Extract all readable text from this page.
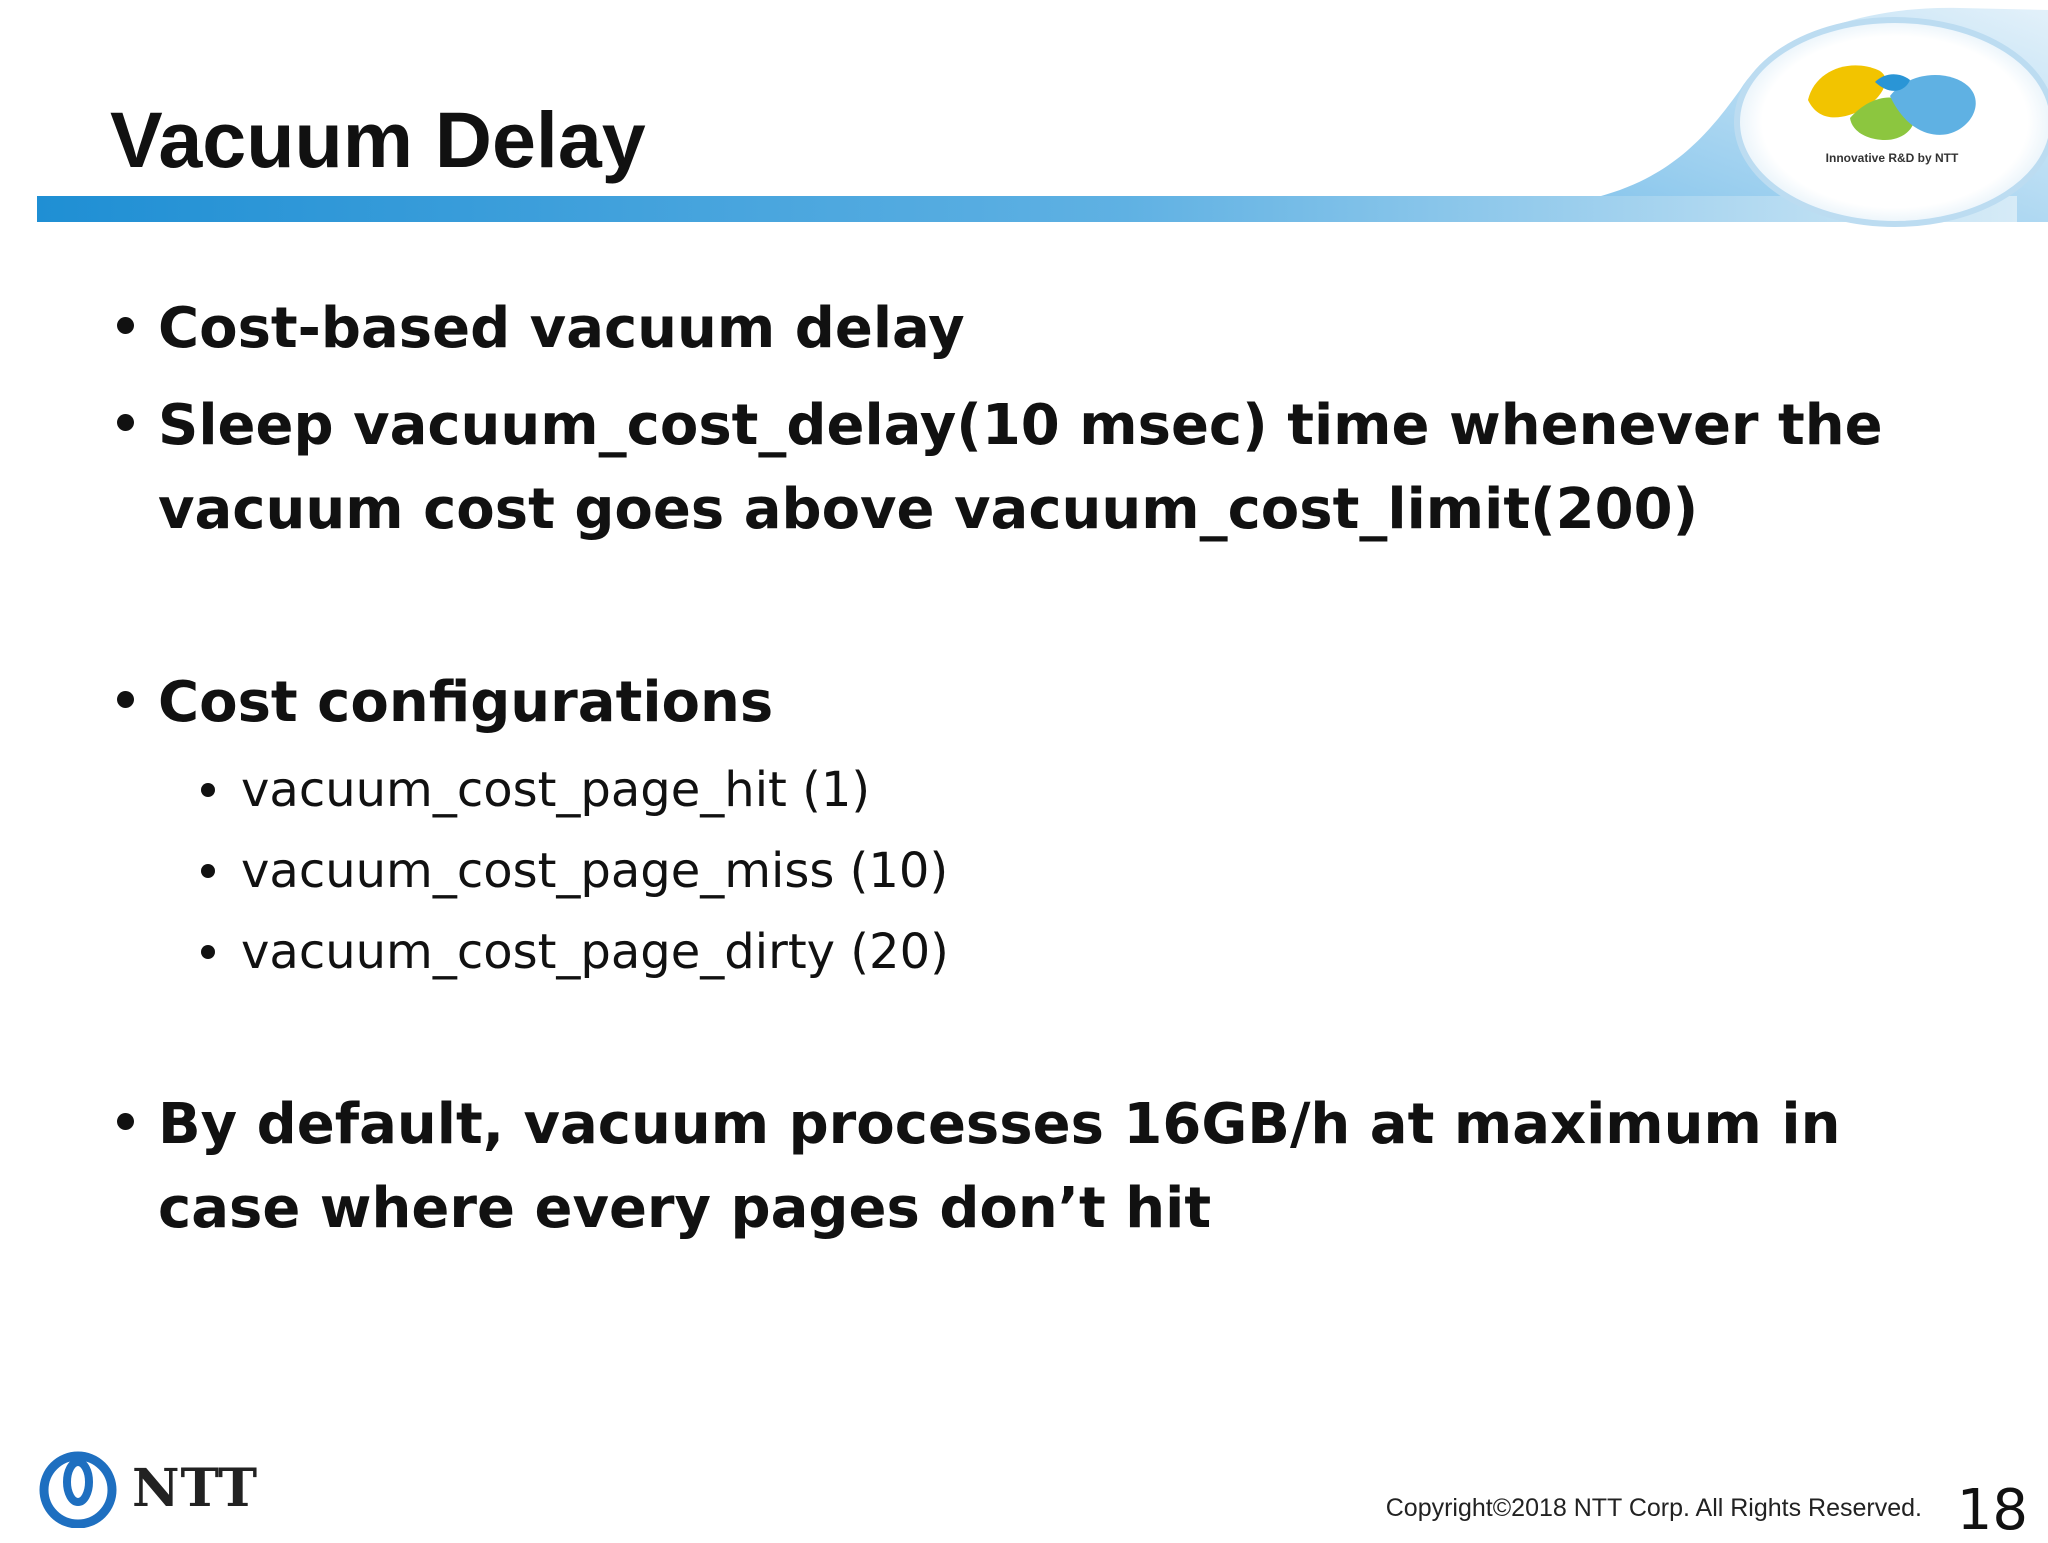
Innovative R&D by NTT
Vacuum Delay
Cost-based vacuum delay
Sleep vacuum_cost_delay(10 msec) time whenever the
vacuum cost goes above vacuum_cost_limit(200)
Cost configurations
vacuum_cost_page_hit (1)
vacuum_cost_page_miss (10)
vacuum_cost_page_dirty (20)
By default, vacuum processes 16GB/h at maximum in
case where every pages don’t hit
NTT	Copyright©2018 NTT Corp. All Rights Reserved. 18
